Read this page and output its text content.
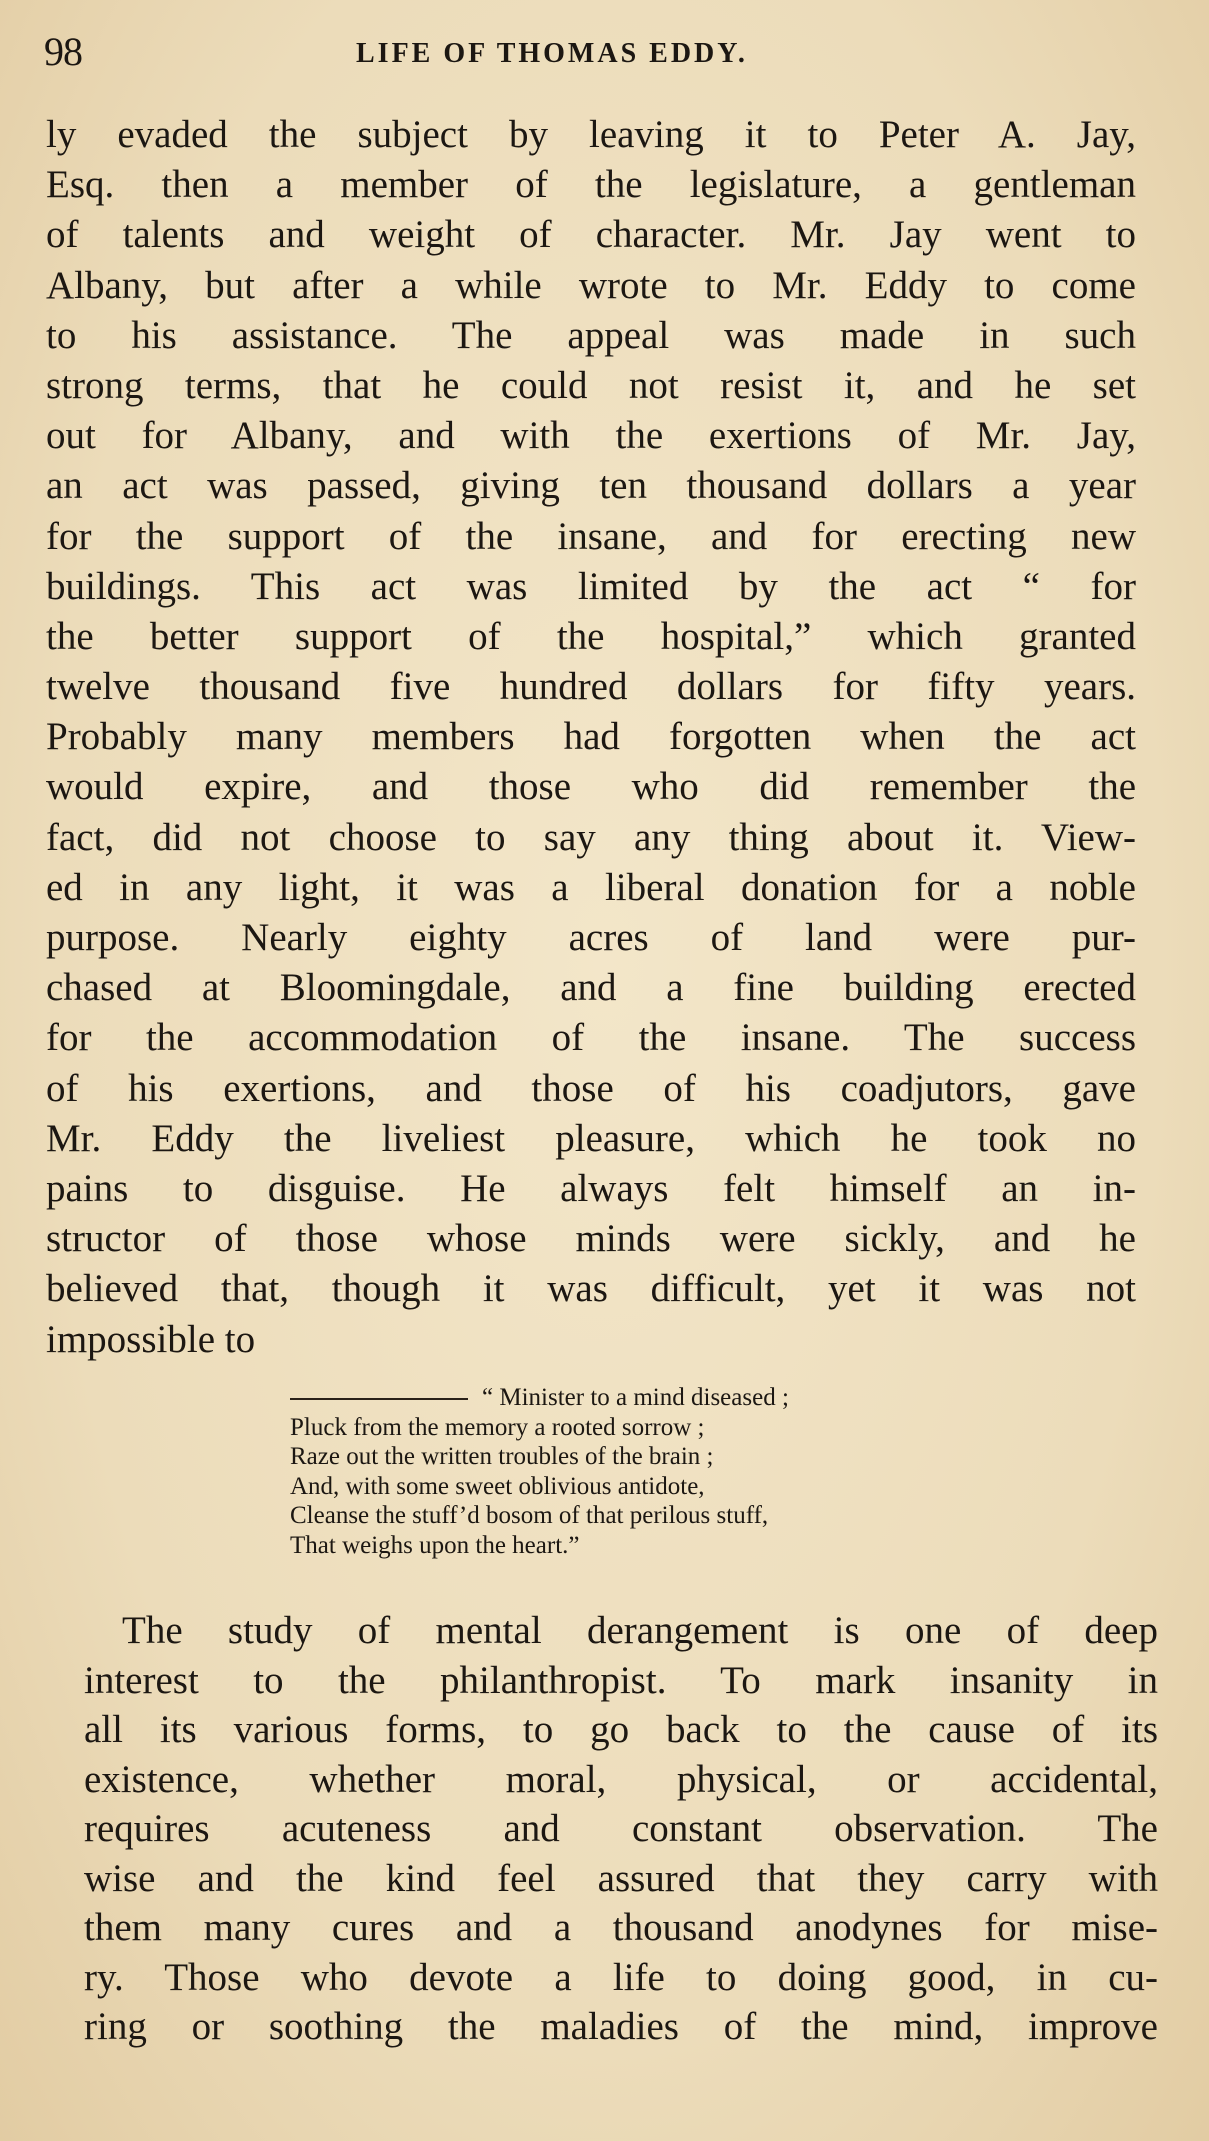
98	LIFE OF THOMAS EDDY.
ly evaded the subject by leaving it to Peter A. Jay,
Esq. then a member of the legislature, a gentleman
of talents and weight of character. Mr. Jay went to
Albany, but after a while wrote to Mr. Eddy to come
to his assistance. The appeal was made in such
strong terms, that he could not resist it, and he set
out for Albany, and with the exertions of Mr. Jay,
an act was passed, giving ten thousand dollars a year
for the support of the insane, and for erecting new
buildings. This act was limited by the act “ for
the better support of the hospital,” which granted
twelve thousand five hundred dollars for fifty years.
Probably many members had forgotten when the act
would expire, and those who did remember the
fact, did not choose to say any thing about it. View-
ed in any light, it was a liberal donation for a noble
purpose. Nearly eighty acres of land were pur-
chased at Bloomingdale, and a fine building erected
for the accommodation of the insane. The success
of his exertions, and those of his coadjutors, gave
Mr. Eddy the liveliest pleasure, which he took no
pains to disguise. He always felt himself an in-
structor of those whose minds were sickly, and he
believed that, though it was difficult, yet it was not
impossible to
“ Minister to a mind diseased ;
Pluck from the memory a rooted sorrow ;
Raze out the written troubles of the brain ;
And, with some sweet oblivious antidote,
Cleanse the stuff’d bosom of that perilous stuff,
That weighs upon the heart.”
The study of mental derangement is one of deep
interest to the philanthropist. To mark insanity in
all its various forms, to go back to the cause of its
existence, whether moral, physical, or accidental,
requires acuteness and constant observation. The
wise and the kind feel assured that they carry with
them many cures and a thousand anodynes for mise-
ry. Those who devote a life to doing good, in cu-
ring or soothing the maladies of the mind, improve
